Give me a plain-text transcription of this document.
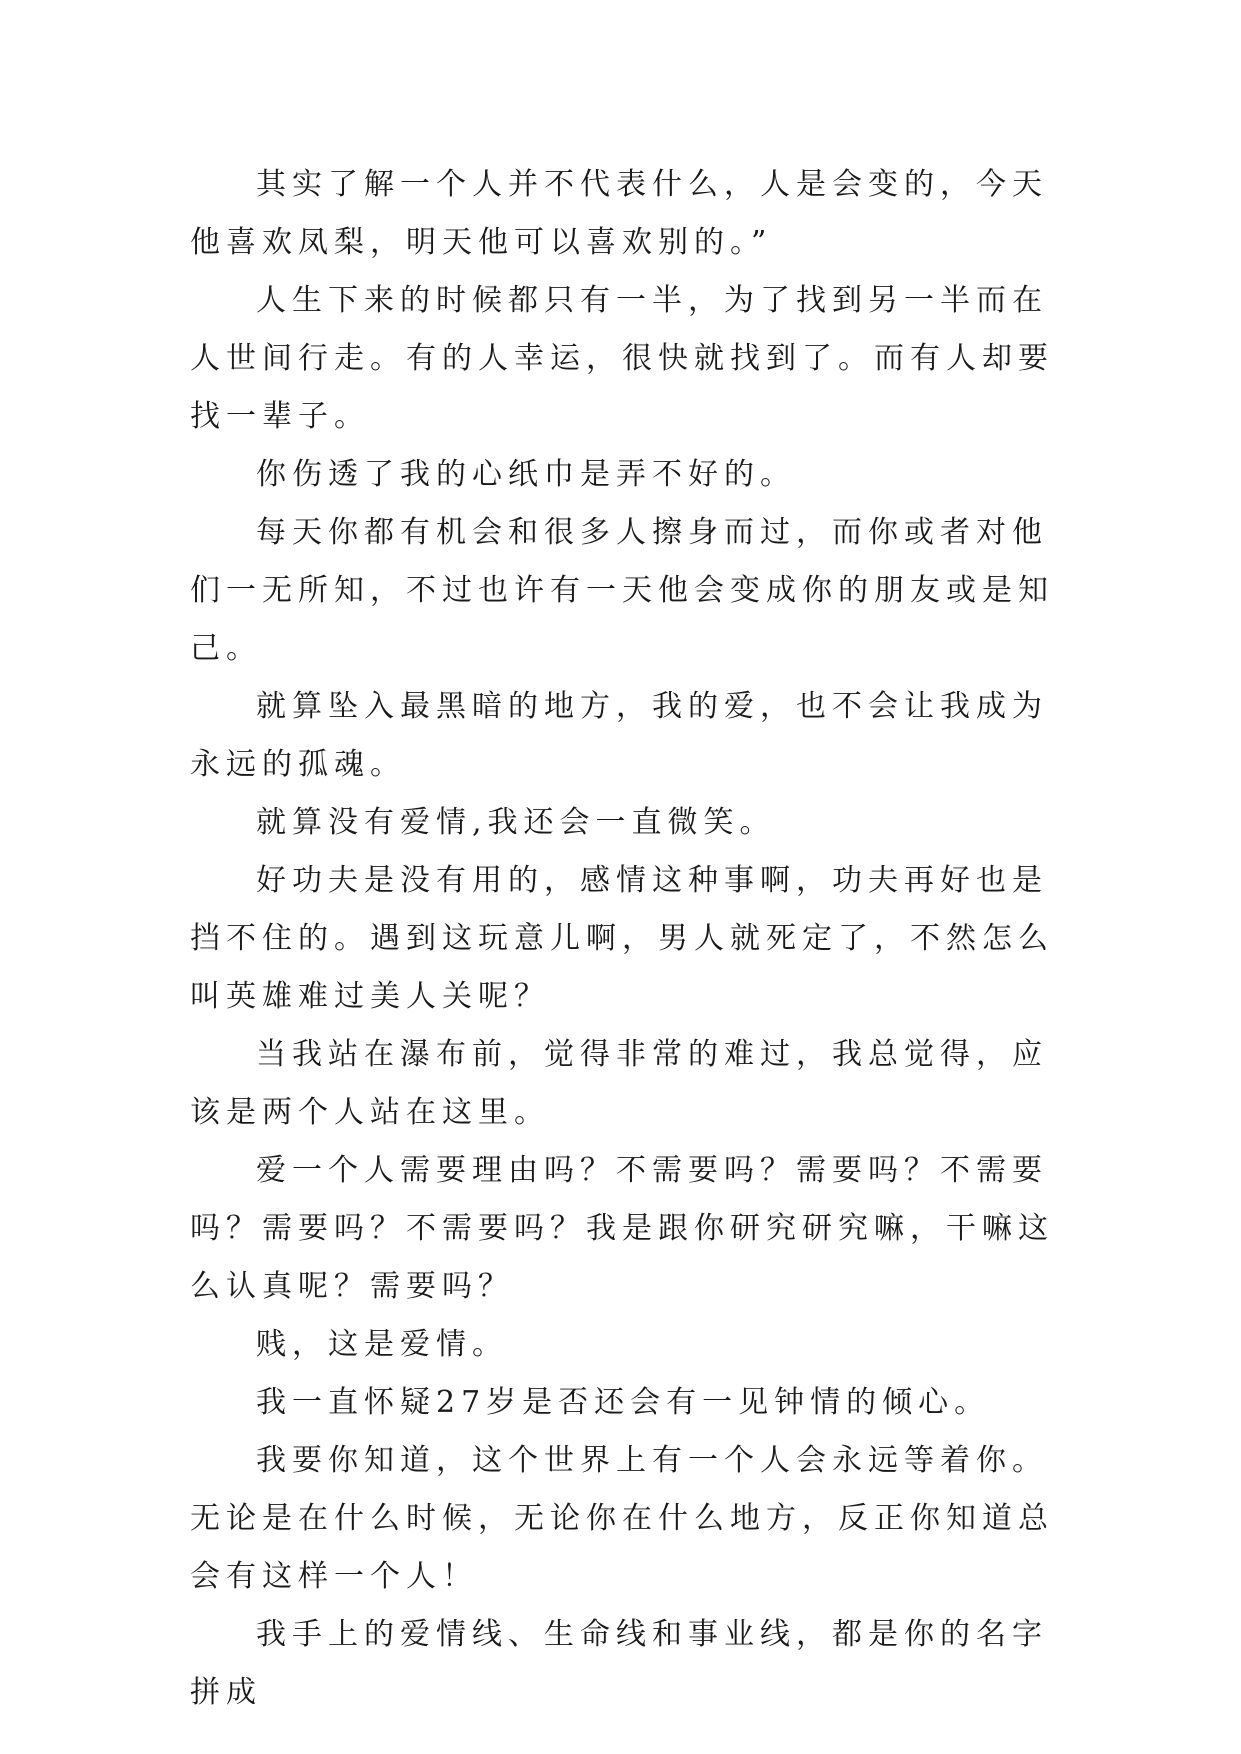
其实了解一个人并不代表什么，人是会变的，今天他喜欢凤梨，明天他可以喜欢别的。”

人生下来的时候都只有一半，为了找到另一半而在人世间行走。有的人幸运，很快就找到了。而有人却要找一辈子。

你伤透了我的心纸巾是弄不好的。

每天你都有机会和很多人擦身而过，而你或者对他们一无所知，不过也许有一天他会变成你的朋友或是知己。

就算坠入最黑暗的地方，我的爱，也不会让我成为永远的孤魂。

就算没有爱情,我还会一直微笑。

好功夫是没有用的，感情这种事啊，功夫再好也是挡不住的。遇到这玩意儿啊，男人就死定了，不然怎么叫英雄难过美人关呢？

当我站在瀑布前，觉得非常的难过，我总觉得，应该是两个人站在这里。

爱一个人需要理由吗？不需要吗？需要吗？不需要吗？需要吗？不需要吗？我是跟你研究研究嘛，干嘛这么认真呢？需要吗？

贱，这是爱情。

我一直怀疑27岁是否还会有一见钟情的倾心。

我要你知道，这个世界上有一个人会永远等着你。无论是在什么时候，无论你在什么地方，反正你知道总会有这样一个人！

我手上的爱情线、生命线和事业线，都是你的名字拼成
